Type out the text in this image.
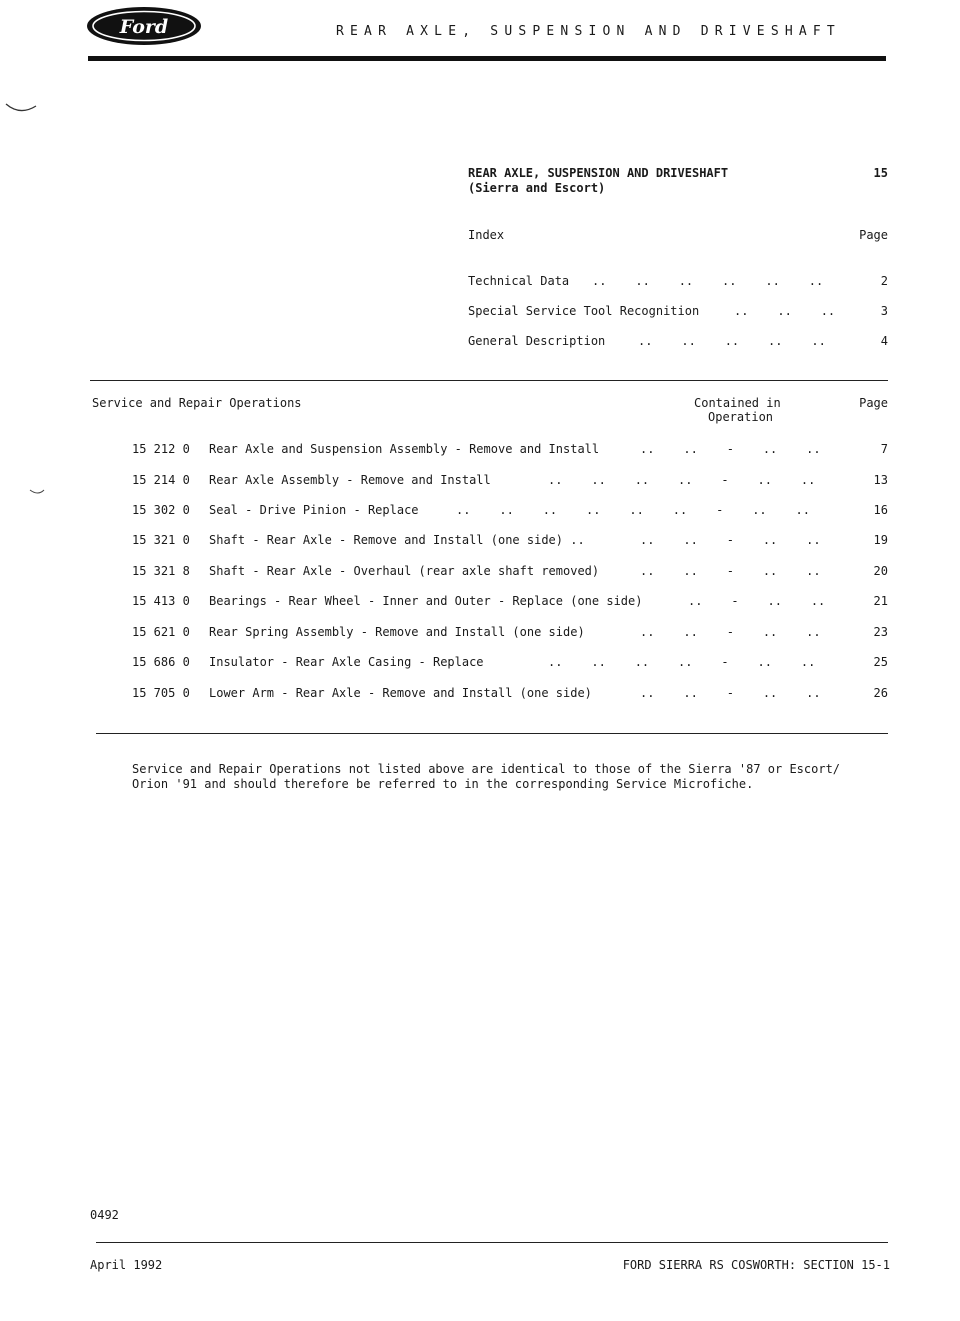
Ford	REAR AXLE, SUSPENSION AND DRIVESHAFT
REAR AXLE, SUSPENSION AND DRIVESHAFT
(Sierra and Escort)
15
Index	Page
Technical Data ..    ..    ..    ..    ..    ..	2
Special Service Tool Recognition	..    ..    ..	3
General Description	..    ..    ..    ..    ..	4
Service and Repair Operations	Contained in
Operation
Page
15 212 0 Rear Axle and Suspension Assembly - Remove and Install	..    ..    -    ..    ..	7
15 214 0 Rear Axle Assembly - Remove and Install	..    ..    ..    ..    -    ..    ..	13
15 302 0 Seal - Drive Pinion - Replace	..    ..    ..    ..    ..    ..    -    ..    ..	16
15 321 0 Shaft - Rear Axle - Remove and Install (one side) ..	..    ..    -    ..    ..	19
15 321 8 Shaft - Rear Axle - Overhaul (rear axle shaft removed)	..    ..    -    ..    ..	20
15 413 0 Bearings - Rear Wheel - Inner and Outer - Replace (one side)	..    -    ..    ..	21
15 621 0 Rear Spring Assembly - Remove and Install (one side)	..    ..    -    ..    ..	23
15 686 0 Insulator - Rear Axle Casing - Replace	..    ..    ..    ..    -    ..    ..	25
15 705 0 Lower Arm - Rear Axle - Remove and Install (one side)	..    ..    -    ..    ..	26
Service and Repair Operations not listed above are identical to those of the Sierra '87 or Escort/
Orion '91 and should therefore be referred to in the corresponding Service Microfiche.
0492
April 1992	FORD SIERRA RS COSWORTH: SECTION 15-1
